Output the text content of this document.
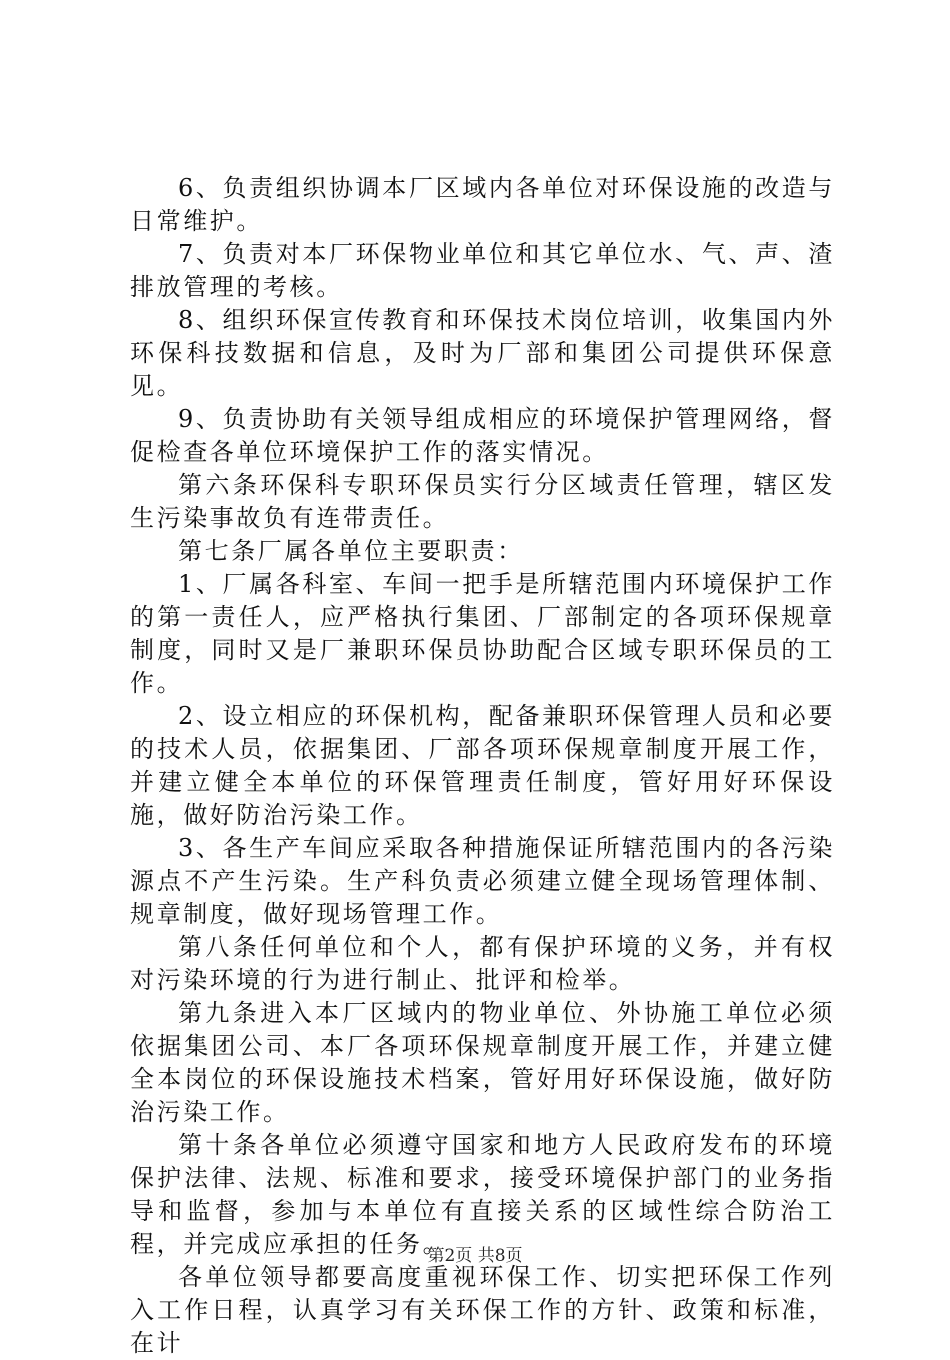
6、负责组织协调本厂区域内各单位对环保设施的改造与日常维护。

7、负责对本厂环保物业单位和其它单位水、气、声、渣排放管理的考核。

8、组织环保宣传教育和环保技术岗位培训，收集国内外环保科技数据和信息，及时为厂部和集团公司提供环保意见。

9、负责协助有关领导组成相应的环境保护管理网络，督促检查各单位环境保护工作的落实情况。

第六条环保科专职环保员实行分区域责任管理，辖区发生污染事故负有连带责任。

第七条厂属各单位主要职责：

1、厂属各科室、车间一把手是所辖范围内环境保护工作的第一责任人，应严格执行集团、厂部制定的各项环保规章制度，同时又是厂兼职环保员协助配合区域专职环保员的工作。

2、设立相应的环保机构，配备兼职环保管理人员和必要的技术人员，依据集团、厂部各项环保规章制度开展工作，并建立健全本单位的环保管理责任制度，管好用好环保设施，做好防治污染工作。

3、各生产车间应采取各种措施保证所辖范围内的各污染源点不产生污染。生产科负责必须建立健全现场管理体制、规章制度，做好现场管理工作。

第八条任何单位和个人，都有保护环境的义务，并有权对污染环境的行为进行制止、批评和检举。

第九条进入本厂区域内的物业单位、外协施工单位必须依据集团公司、本厂各项环保规章制度开展工作，并建立健全本岗位的环保设施技术档案，管好用好环保设施，做好防治污染工作。

第十条各单位必须遵守国家和地方人民政府发布的环境保护法律、法规、标准和要求，接受环境保护部门的业务指导和监督，参加与本单位有直接关系的区域性综合防治工程，并完成应承担的任务。

各单位领导都要高度重视环保工作、切实把环保工作列入工作日程，认真学习有关环保工作的方针、政策和标准，在计

第2页 共8页
